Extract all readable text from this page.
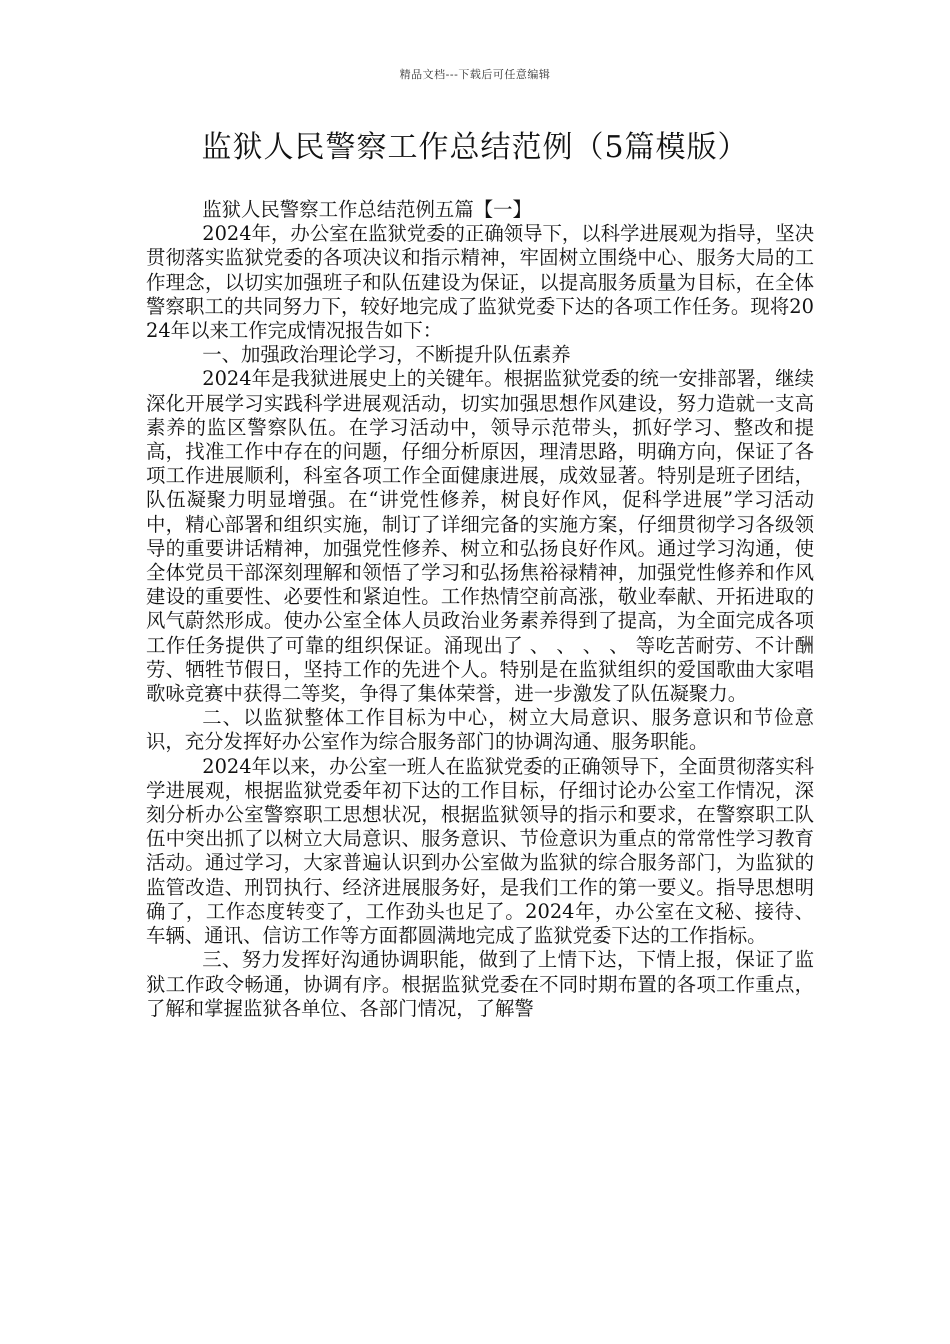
精品文档---下载后可任意编辑
监狱人民警察工作总结范例（5篇模版）

监狱人民警察工作总结范例五篇【一】

2024年，办公室在监狱党委的正确领导下，以科学进展观为指导，坚决贯彻落实监狱党委的各项决议和指示精神，牢固树立围绕中心、服务大局的工作理念，以切实加强班子和队伍建设为保证，以提高服务质量为目标，在全体警察职工的共同努力下，较好地完成了监狱党委下达的各项工作任务。现将2024年以来工作完成情况报告如下：

一、加强政治理论学习，不断提升队伍素养

2024年是我狱进展史上的关键年。根据监狱党委的统一安排部署，继续深化开展学习实践科学进展观活动，切实加强思想作风建设，努力造就一支高素养的监区警察队伍。在学习活动中，领导示范带头，抓好学习、整改和提高，找准工作中存在的问题，仔细分析原因，理清思路，明确方向，保证了各项工作进展顺利，科室各项工作全面健康进展，成效显著。特别是班子团结，队伍凝聚力明显增强。在“讲党性修养，树良好作风，促科学进展”学习活动中，精心部署和组织实施，制订了详细完备的实施方案，仔细贯彻学习各级领导的重要讲话精神，加强党性修养、树立和弘扬良好作风。通过学习沟通，使全体党员干部深刻理解和领悟了学习和弘扬焦裕禄精神，加强党性修养和作风建设的重要性、必要性和紧迫性。工作热情空前高涨，敬业奉献、开拓进取的风气蔚然形成。使办公室全体人员政治业务素养得到了提高，为全面完成各项工作任务提供了可靠的组织保证。涌现出了 、 、 、 、 等吃苦耐劳、不计酬劳、牺牲节假日，坚持工作的先进个人。特别是在监狱组织的爱国歌曲大家唱歌咏竞赛中获得二等奖，争得了集体荣誉，进一步激发了队伍凝聚力。

二、以监狱整体工作目标为中心，树立大局意识、服务意识和节俭意识，充分发挥好办公室作为综合服务部门的协调沟通、服务职能。

2024年以来，办公室一班人在监狱党委的正确领导下，全面贯彻落实科学进展观，根据监狱党委年初下达的工作目标，仔细讨论办公室工作情况，深刻分析办公室警察职工思想状况，根据监狱领导的指示和要求，在警察职工队伍中突出抓了以树立大局意识、服务意识、节俭意识为重点的常常性学习教育活动。通过学习，大家普遍认识到办公室做为监狱的综合服务部门，为监狱的监管改造、刑罚执行、经济进展服务好，是我们工作的第一要义。指导思想明确了，工作态度转变了，工作劲头也足了。2024年，办公室在文秘、接待、车辆、通讯、信访工作等方面都圆满地完成了监狱党委下达的工作指标。

三、努力发挥好沟通协调职能，做到了上情下达，下情上报，保证了监狱工作政令畅通，协调有序。根据监狱党委在不同时期布置的各项工作重点，了解和掌握监狱各单位、各部门情况，了解警
